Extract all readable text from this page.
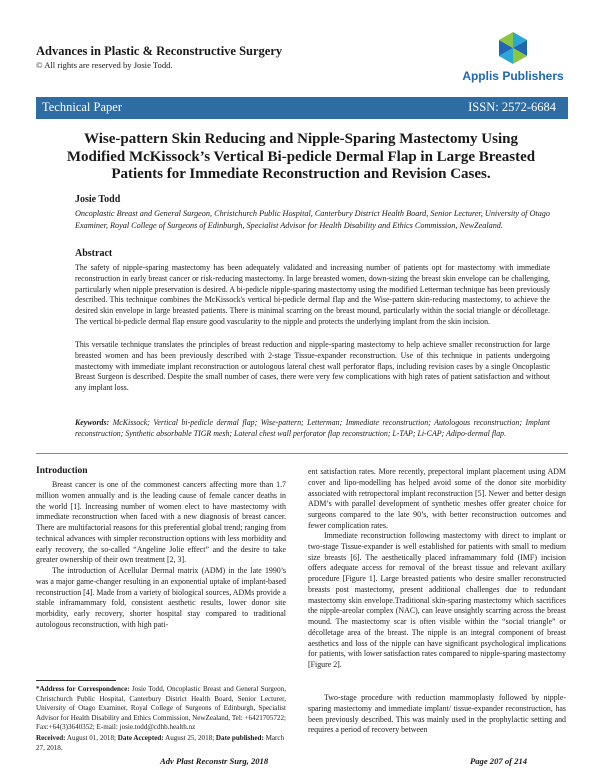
Advances in Plastic & Reconstructive Surgery
© All rights are reserved by Josie Todd.
Applis Publishers
Technical Paper	ISSN: 2572-6684
Wise-pattern Skin Reducing and Nipple-Sparing Mastectomy Using Modified McKissock’s Vertical Bi-pedicle Dermal Flap in Large Breasted Patients for Immediate Reconstruction and Revision Cases.
Josie Todd
Oncoplastic Breast and General Surgeon, Christchurch Public Hospital, Canterbury District Health Board, Senior Lecturer, University of Otago Examiner, Royal College of Surgeons of Edinburgh, Specialist Advisor for Health Disability and Ethics Commission, NewZealand.
Abstract
The safety of nipple-sparing mastectomy has been adequately validated and increasing number of patients opt for mastectomy with immediate reconstruction in early breast cancer or risk-reducing mastectomy. In large breasted women, down-sizing the breast skin envelope can be challenging, particularly when nipple preservation is desired. A bi-pedicle nipple-sparing mastectomy using the modified Letterman technique has been previously described. This technique combines the McKissock's vertical bi-pedicle dermal flap and the Wise-pattern skin-reducing mastectomy, to achieve the desired skin envelope in large breasted patients. There is minimal scarring on the breast mound, particularly within the social triangle or décolletage. The vertical bi-pedicle dermal flap ensure good vascularity to the nipple and protects the underlying implant from the skin incision.
This versatile technique translates the principles of breast reduction and nipple-sparing mastectomy to help achieve smaller reconstruction for large breasted women and has been previously described with 2-stage Tissue-expander reconstruction. Use of this technique in patients undergoing mastectomy with immediate implant reconstruction or autologous lateral chest wall perforator flaps, including revision cases by a single Oncoplastic Breast Surgeon is described. Despite the small number of cases, there were very few complications with high rates of patient satisfaction and without any implant loss.
Keywords: McKissock; Vertical bi-pedicle dermal flap; Wise-pattern; Letterman; Immediate reconstruction; Autologous reconstruction; Implant reconstruction; Synthetic absorbable TIGR mesh; Lateral chest wall perforator flap reconstruction; L-TAP; Li-CAP; Adipo-dermal flap.
Introduction
Breast cancer is one of the commonest cancers affecting more than 1.7 million women annually and is the leading cause of female cancer deaths in the world [1]. Increasing number of women elect to have mastectomy with immediate reconstruction when faced with a new diagnosis of breast cancer. There are multifactorial reasons for this preferential global trend; ranging from technical advances with simpler reconstruction options with less morbidity and early recovery, the so-called “Angeline Jolie effect” and the desire to take greater ownership of their own treatment [2, 3].
The introduction of Acellular Dermal matrix (ADM) in the late 1990’s was a major game-changer resulting in an exponential uptake of implant-based reconstruction [4]. Made from a variety of biological sources, ADMs provide a stable inframammary fold, consistent aesthetic results, lower donor site morbidity, early recovery, shorter hospital stay compared to traditional autologous reconstruction, with high pati-
*Address for Correspondence: Josie Todd, Oncoplastic Breast and General Surgeon, Christchurch Public Hospital, Canterbury District Health Board, Senior Lecturer, University of Otago Examiner, Royal College of Surgeons of Edinburgh, Specialist Advisor for Health Disability and Ethics Commission, NewZealand, Tel: +6421705722; Fax:+64(3)3640352; E-mail: josie.todd@cdhb.health.nz
Received: August 01, 2018; Date Accepted: August 25, 2018; Date published: March 27, 2018.
ent satisfaction rates. More recently, prepectoral implant placement using ADM cover and lipo-modelling has helped avoid some of the donor site morbidity associated with retropectoral implant reconstruction [5]. Newer and better design ADM’s with parallel development of synthetic meshes offer greater choice for surgeons compared to the late 90’s, with better reconstruction outcomes and fewer complication rates.
Immediate reconstruction following mastectomy with direct to implant or two-stage Tissue-expander is well established for patients with small to medium size breasts [6]. The aesthetically placed inframammary fold (IMF) incision offers adequate access for removal of the breast tissue and relevant axillary procedure [Figure 1]. Large breasted patients who desire smaller reconstructed breasts post mastectomy, present additional challenges due to redundant mastectomy skin envelope.Traditional skin-sparing mastectomy which sacrifices the nipple-areolar complex (NAC), can leave unsightly scarring across the breast mound. The mastectomy scar is often visible within the “social triangle” or décolletage area of the breast. The nipple is an integral component of breast aesthetics and loss of the nipple can have significant psychological implications for patients, with lower satisfaction rates compared to nipple-sparing mastectomy [Figure 2].
Two-stage procedure with reduction mammoplasty followed by nipple-sparing mastectomy and immediate implant/ tissue-expander reconstruction, has been previously described. This was mainly used in the prophylactic setting and requires a period of recovery between
Adv Plast Reconstr Surg, 2018	Page 207 of 214
